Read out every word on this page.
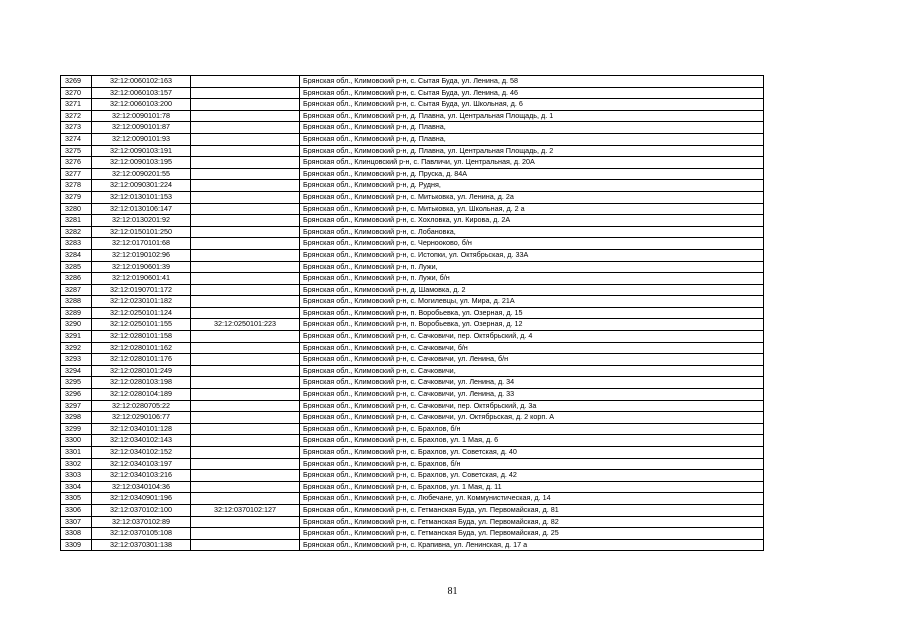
3269	32:12:0060102:163		Брянская обл., Климовский р-н, с. Сытая Буда, ул. Ленина, д. 58
3270	32:12:0060103:157		Брянская обл., Климовский р-н, с. Сытая Буда, ул. Ленина, д. 46
3271	32:12:0060103:200		Брянская обл., Климовский р-н, с. Сытая Буда, ул. Школьная, д. 6
3272	32:12:0090101:78		Брянская обл., Климовский р-н, д. Плавна, ул. Центральная Площадь, д. 1
3273	32:12:0090101:87		Брянская обл., Климовский р-н, д. Плавна,
3274	32:12:0090101:93		Брянская обл., Климовский р-н, д. Плавна,
3275	32:12:0090103:191		Брянская обл., Климовский р-н, д. Плавна, ул. Центральная Площадь, д. 2
3276	32:12:0090103:195		Брянская обл., Клинцовский р-н, с. Павличи, ул. Центральная, д. 20А
3277	32:12:0090201:55		Брянская обл., Климовский р-н, д. Пруска, д. 84А
3278	32:12:0090301:224		Брянская обл., Климовский р-н, д. Рудня,
3279	32:12:0130101:153		Брянская обл., Климовский р-н, с. Митьковка, ул. Ленина, д. 2а
3280	32:12:0130106:147		Брянская обл., Климовский р-н, с. Митьковка, ул. Школьная, д. 2 а
3281	32:12:0130201:92		Брянская обл., Климовский р-н, с. Хохловка, ул. Кирова, д. 2А
3282	32:12:0150101:250		Брянская обл., Климовский р-н, с. Лобановка,
3283	32:12:0170101:68		Брянская обл., Климовский р-н, с. Чернооково, б/н
3284	32:12:0190102:96		Брянская обл., Климовский р-н, с. Истопки, ул. Октябрьская, д. 33А
3285	32:12:0190601:39		Брянская обл., Климовский р-н, п. Лужи,
3286	32:12:0190601:41		Брянская обл., Климовский р-н, п. Лужи, б/н
3287	32:12:0190701:172		Брянская обл., Климовский р-н, д. Шамовка, д. 2
3288	32:12:0230101:182		Брянская обл., Климовский р-н, с. Могилевцы, ул. Мира, д. 21А
3289	32:12:0250101:124		Брянская обл., Климовский р-н, п. Воробьевка, ул. Озерная, д. 15
3290	32:12:0250101:155	32:12:0250101:223	Брянская обл., Климовский р-н, п. Воробьевка, ул. Озерная, д. 12
3291	32:12:0280101:158		Брянская обл., Климовский р-н, с. Сачковичи, пер. Октябрьский, д. 4
3292	32:12:0280101:162		Брянская обл., Климовский р-н, с. Сачковичи, б/н
3293	32:12:0280101:176		Брянская обл., Климовский р-н, с. Сачковичи, ул. Ленина, б/н
3294	32:12:0280101:249		Брянская обл., Климовский р-н, с. Сачковичи,
3295	32:12:0280103:198		Брянская обл., Климовский р-н, с. Сачковичи, ул. Ленина, д. 34
3296	32:12:0280104:189		Брянская обл., Климовский р-н, с. Сачковичи, ул. Ленина, д. 33
3297	32:12:0280705:22		Брянская обл., Климовский р-н, с. Сачковичи, пер. Октябрьский, д. 3а
3298	32:12:0290106:77		Брянская обл., Климовский р-н, с. Сачковичи, ул. Октябрьская, д. 2 корп. А
3299	32:12:0340101:128		Брянская обл., Климовский р-н, с. Брахлов, б/н
3300	32:12:0340102:143		Брянская обл., Климовский р-н, с. Брахлов, ул. 1 Мая, д. 6
3301	32:12:0340102:152		Брянская обл., Климовский р-н, с. Брахлов, ул. Советская, д. 40
3302	32:12:0340103:197		Брянская обл., Климовский р-н, с. Брахлов, б/н
3303	32:12:0340103:216		Брянская обл., Климовский р-н, с. Брахлов, ул. Советская, д. 42
3304	32:12:0340104:36		Брянская обл., Климовский р-н, с. Брахлов, ул. 1 Мая, д. 11
3305	32:12:0340901:196		Брянская обл., Климовский р-н, с. Любечане, ул. Коммунистическая, д. 14
3306	32:12:0370102:100	32:12:0370102:127	Брянская обл., Климовский р-н, с. Гетманская Буда, ул. Первомайская, д. 81
3307	32:12:0370102:89		Брянская обл., Климовский р-н, с. Гетманская Буда, ул. Первомайская, д. 82
3308	32:12:0370105:108		Брянская обл., Климовский р-н, с. Гетманская Буда, ул. Первомайская, д. 25
3309	32:12:0370301:138		Брянская обл., Климовский р-н, с. Крапивна, ул. Ленинская, д. 17 а
81
